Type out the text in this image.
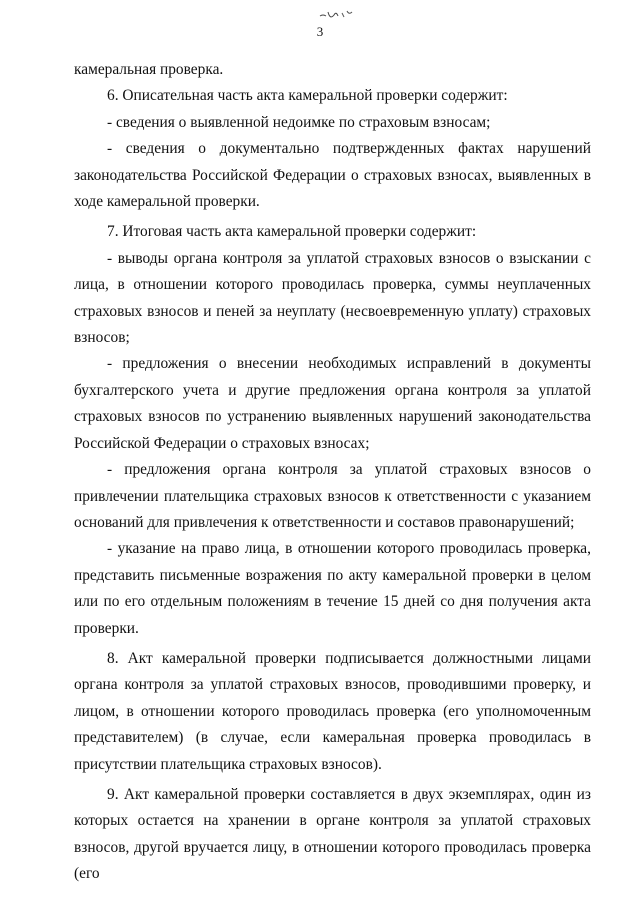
3

камеральная проверка.

6. Описательная часть акта камеральной проверки содержит:

- сведения о выявленной недоимке по страховым взносам;

- сведения о документально подтвержденных фактах нарушений законодательства Российской Федерации о страховых взносах, выявленных в ходе камеральной проверки.

7. Итоговая часть акта камеральной проверки содержит:

- выводы органа контроля за уплатой страховых взносов о взыскании с лица, в отношении которого проводилась проверка, суммы неуплаченных страховых взносов и пеней за неуплату (несвоевременную уплату) страховых взносов;

- предложения о внесении необходимых исправлений в документы бухгалтерского учета и другие предложения органа контроля за уплатой страховых взносов по устранению выявленных нарушений законодательства Российской Федерации о страховых взносах;

- предложения органа контроля за уплатой страховых взносов о привлечении плательщика страховых взносов к ответственности с указанием оснований для привлечения к ответственности и составов правонарушений;

- указание на право лица, в отношении которого проводилась проверка, представить письменные возражения по акту камеральной проверки в целом или по его отдельным положениям в течение 15 дней со дня получения акта проверки.

8. Акт камеральной проверки подписывается должностными лицами органа контроля за уплатой страховых взносов, проводившими проверку, и лицом, в отношении которого проводилась проверка (его уполномоченным представителем) (в случае, если камеральная проверка проводилась в присутствии плательщика страховых взносов).

9. Акт камеральной проверки составляется в двух экземплярах, один из которых остается на хранении в органе контроля за уплатой страховых взносов, другой вручается лицу, в отношении которого проводилась проверка (его
